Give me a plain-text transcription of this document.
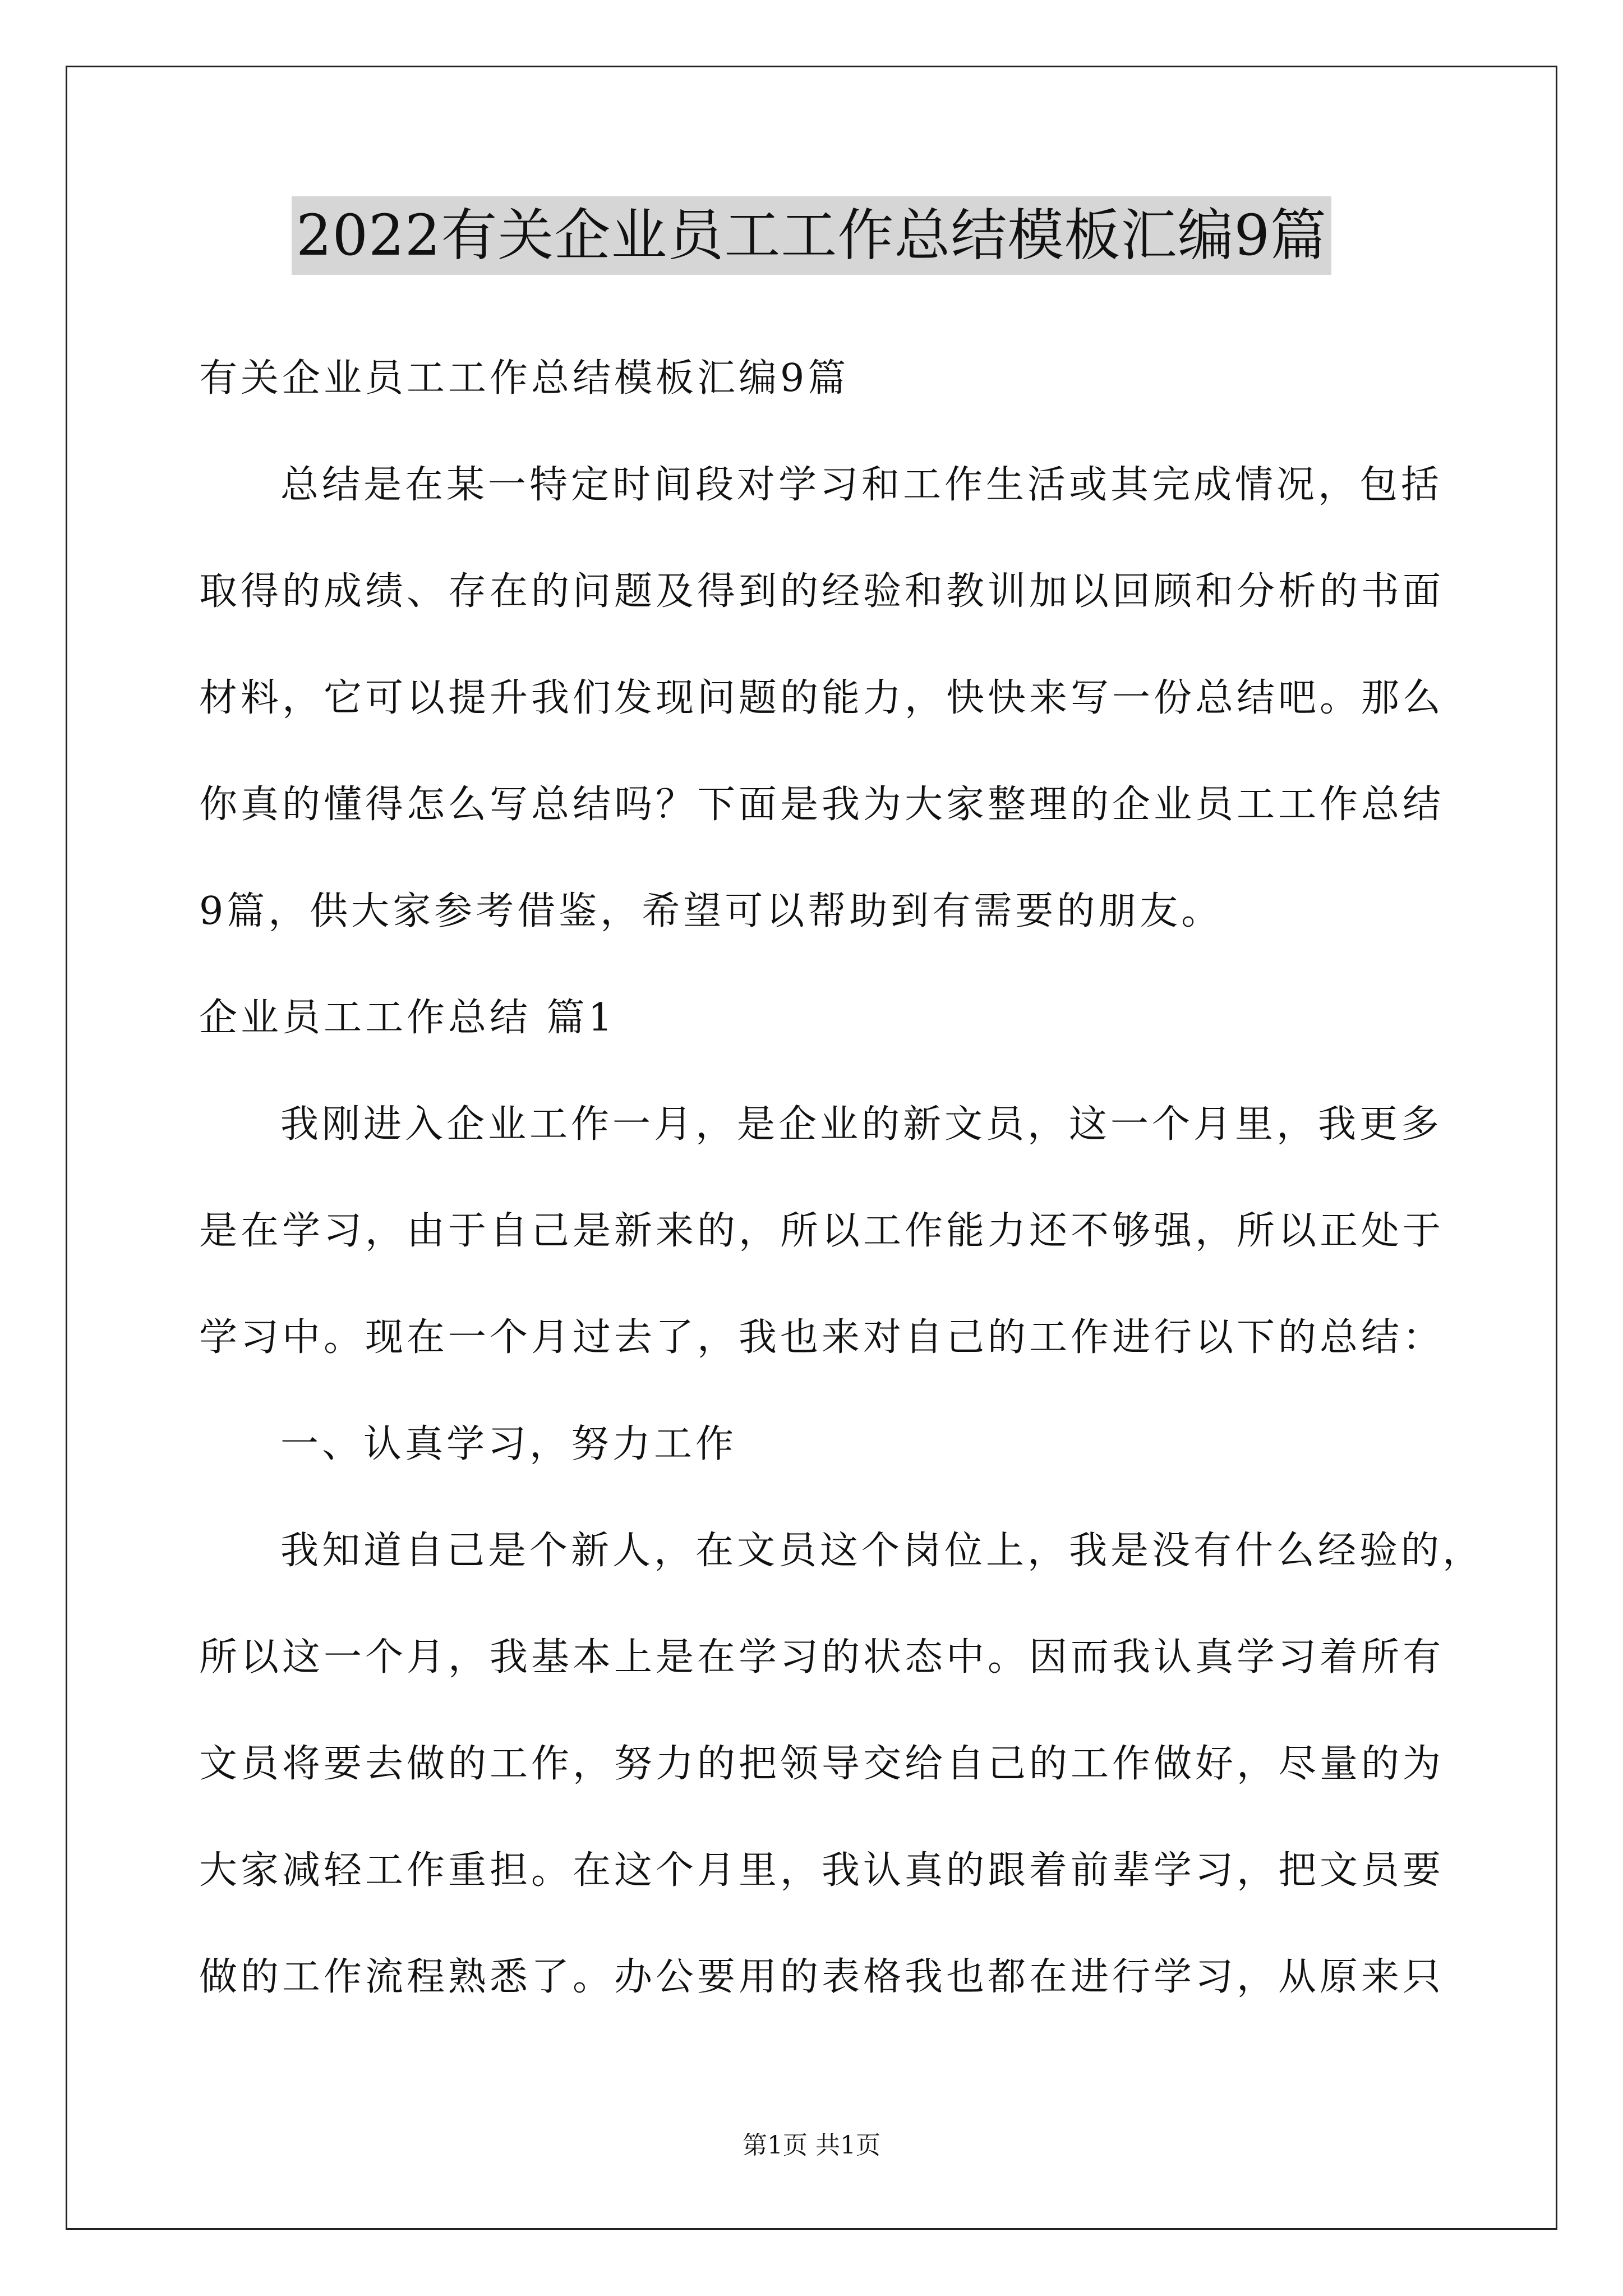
2022有关企业员工工作总结模板汇编9篇
有关企业员工工作总结模板汇编9篇
总结是在某一特定时间段对学习和工作生活或其完成情况，包括
取得的成绩、存在的问题及得到的经验和教训加以回顾和分析的书面
材料，它可以提升我们发现问题的能力，快快来写一份总结吧。那么
你真的懂得怎么写总结吗？下面是我为大家整理的企业员工工作总结
9篇，供大家参考借鉴，希望可以帮助到有需要的朋友。
企业员工工作总结 篇1
我刚进入企业工作一月，是企业的新文员，这一个月里，我更多
是在学习，由于自己是新来的，所以工作能力还不够强，所以正处于
学习中。现在一个月过去了，我也来对自己的工作进行以下的总结：
一、认真学习，努力工作
我知道自己是个新人，在文员这个岗位上，我是没有什么经验的，
所以这一个月，我基本上是在学习的状态中。因而我认真学习着所有
文员将要去做的工作，努力的把领导交给自己的工作做好，尽量的为
大家减轻工作重担。在这个月里，我认真的跟着前辈学习，把文员要
做的工作流程熟悉了。办公要用的表格我也都在进行学习，从原来只
第1页 共1页
